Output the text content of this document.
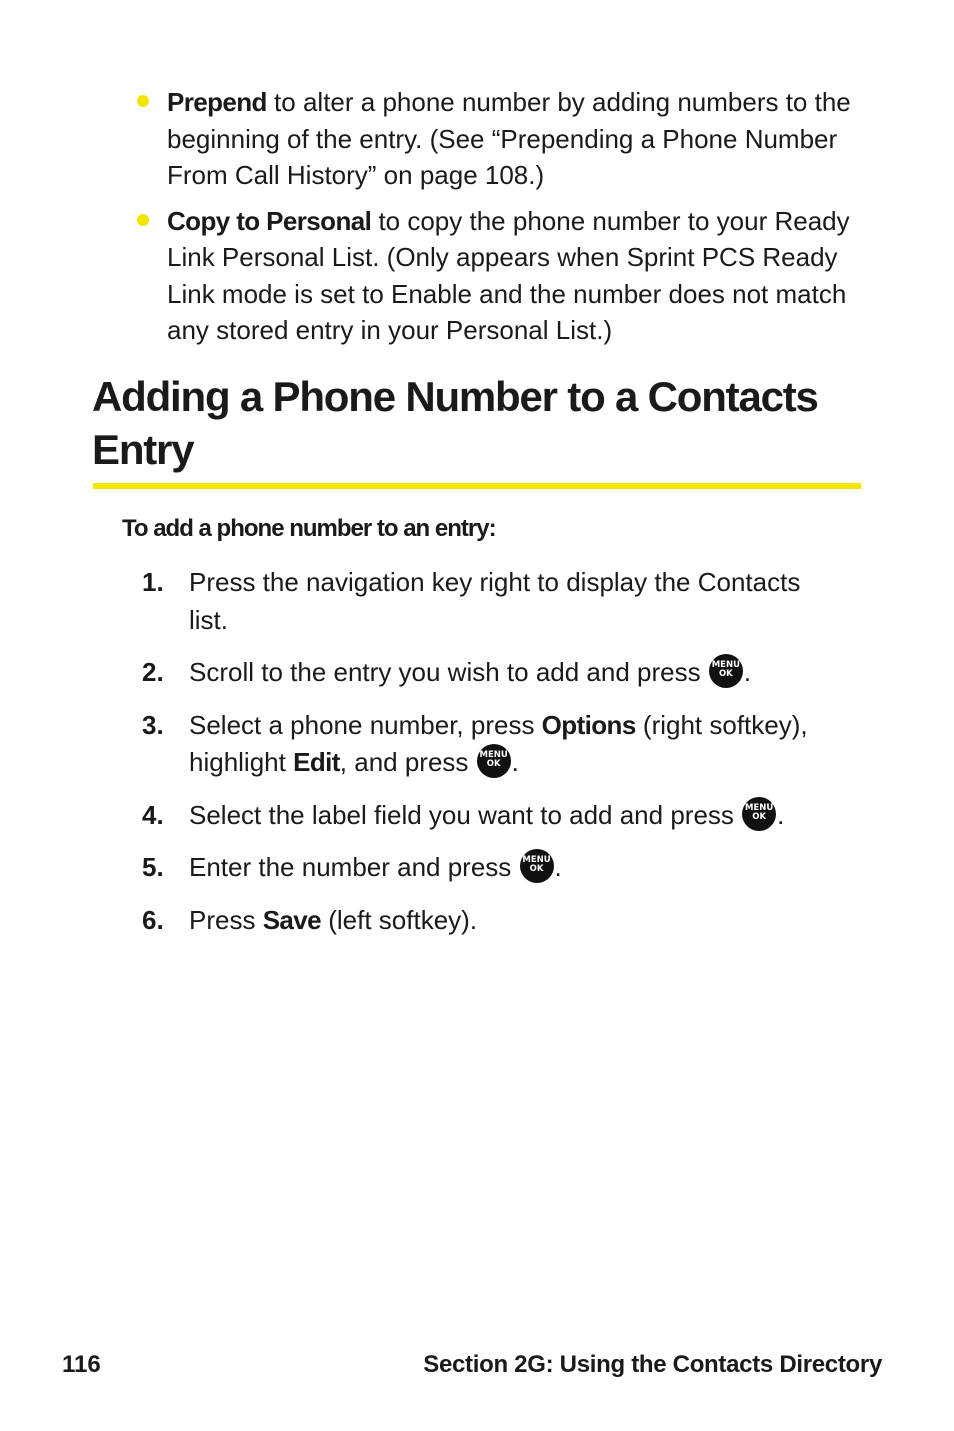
Prepend to alter a phone number by adding numbers to the beginning of the entry. (See “Prepending a Phone Number From Call History” on page 108.)
Copy to Personal to copy the phone number to your Ready Link Personal List. (Only appears when Sprint PCS Ready Link mode is set to Enable and the number does not match any stored entry in your Personal List.)
Adding a Phone Number to a Contacts Entry

To add a phone number to an entry:

1. Press the navigation key right to display the Contacts list.
2. Scroll to the entry you wish to add and press MENU
OK .
3. Select a phone number, press Options (right softkey), highlight Edit, and press MENU
OK .
4. Select the label field you want to add and press MENU
OK .
5. Enter the number and press MENU
OK .
6. Press Save (left softkey).

116	Section 2G: Using the Contacts Directory
